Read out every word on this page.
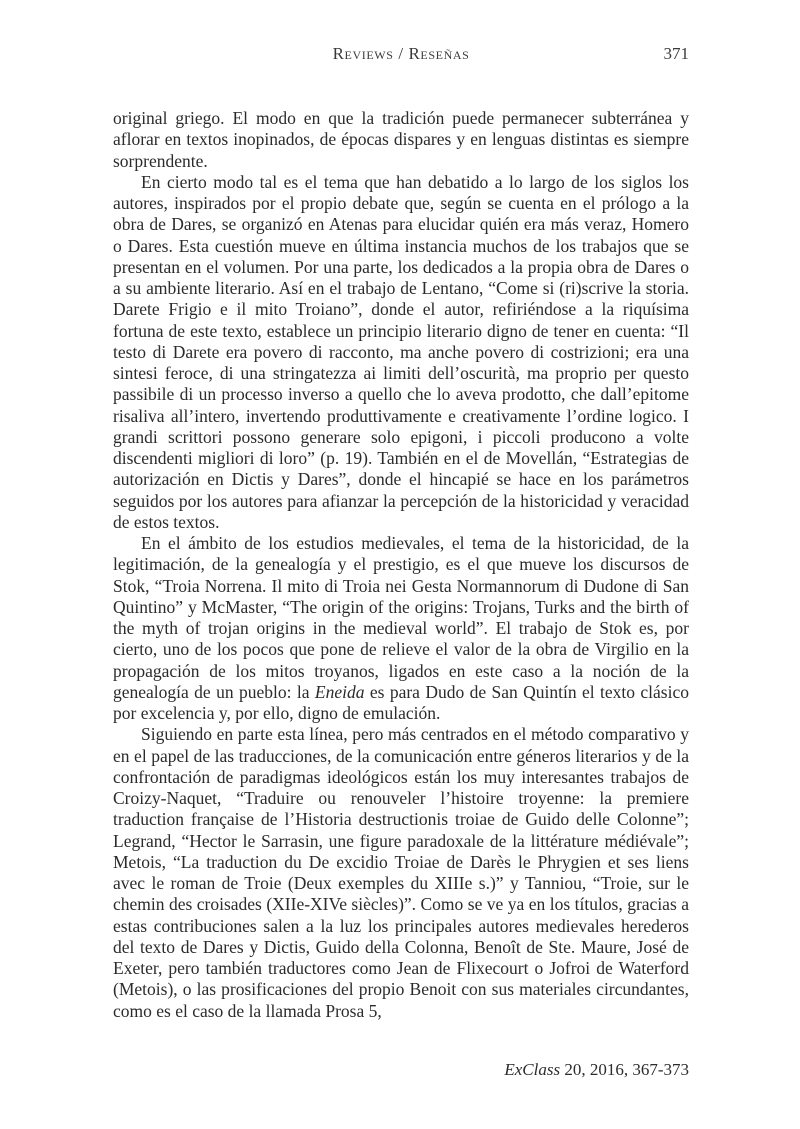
Reviews / Reseñas	371

original griego. El modo en que la tradición puede permanecer subterránea y aflorar en textos inopinados, de épocas dispares y en lenguas distintas es siempre sorprendente.

En cierto modo tal es el tema que han debatido a lo largo de los siglos los autores, inspirados por el propio debate que, según se cuenta en el prólogo a la obra de Dares, se organizó en Atenas para elucidar quién era más veraz, Homero o Dares. Esta cuestión mueve en última instancia muchos de los trabajos que se presentan en el volumen. Por una parte, los dedicados a la propia obra de Dares o a su ambiente literario. Así en el trabajo de Lentano, “Come si (ri)scrive la storia. Darete Frigio e il mito Troiano”, donde el autor, refiriéndose a la riquísima fortuna de este texto, establece un principio literario digno de tener en cuenta: “Il testo di Darete era povero di racconto, ma anche povero di costrizioni; era una sintesi feroce, di una stringatezza ai limiti dell’oscurità, ma proprio per questo passibile di un processo inverso a quello che lo aveva prodotto, che dall’epitome risaliva all’intero, invertendo produttivamente e creativamente l’ordine logico. I grandi scrittori possono generare solo epigoni, i piccoli producono a volte discendenti migliori di loro” (p. 19). También en el de Movellán, “Estrategias de autorización en Dictis y Dares”, donde el hincapié se hace en los parámetros seguidos por los autores para afianzar la percepción de la historicidad y veracidad de estos textos.

En el ámbito de los estudios medievales, el tema de la historicidad, de la legitimación, de la genealogía y el prestigio, es el que mueve los discursos de Stok, “Troia Norrena. Il mito di Troia nei Gesta Normannorum di Dudone di San Quintino” y McMaster, “The origin of the origins: Trojans, Turks and the birth of the myth of trojan origins in the medieval world”. El trabajo de Stok es, por cierto, uno de los pocos que pone de relieve el valor de la obra de Virgilio en la propagación de los mitos troyanos, ligados en este caso a la noción de la genealogía de un pueblo: la Eneida es para Dudo de San Quintín el texto clásico por excelencia y, por ello, digno de emulación.

Siguiendo en parte esta línea, pero más centrados en el método comparativo y en el papel de las traducciones, de la comunicación entre géneros literarios y de la confrontación de paradigmas ideológicos están los muy interesantes trabajos de Croizy-Naquet, “Traduire ou renouveler l’histoire troyenne: la premiere traduction française de l’Historia destructionis troiae de Guido delle Colonne”; Legrand, “Hector le Sarrasin, une figure paradoxale de la littérature médiévale”; Metois, “La traduction du De excidio Troiae de Darès le Phrygien et ses liens avec le roman de Troie (Deux exemples du XIIIe s.)” y Tanniou, “Troie, sur le chemin des croisades (XIIe-XIVe siècles)”. Como se ve ya en los títulos, gracias a estas contribuciones salen a la luz los principales autores medievales herederos del texto de Dares y Dictis, Guido della Colonna, Benoît de Ste. Maure, José de Exeter, pero también traductores como Jean de Flixecourt o Jofroi de Waterford (Metois), o las prosificaciones del propio Benoit con sus materiales circundantes, como es el caso de la llamada Prosa 5,

ExClass 20, 2016, 367-373
